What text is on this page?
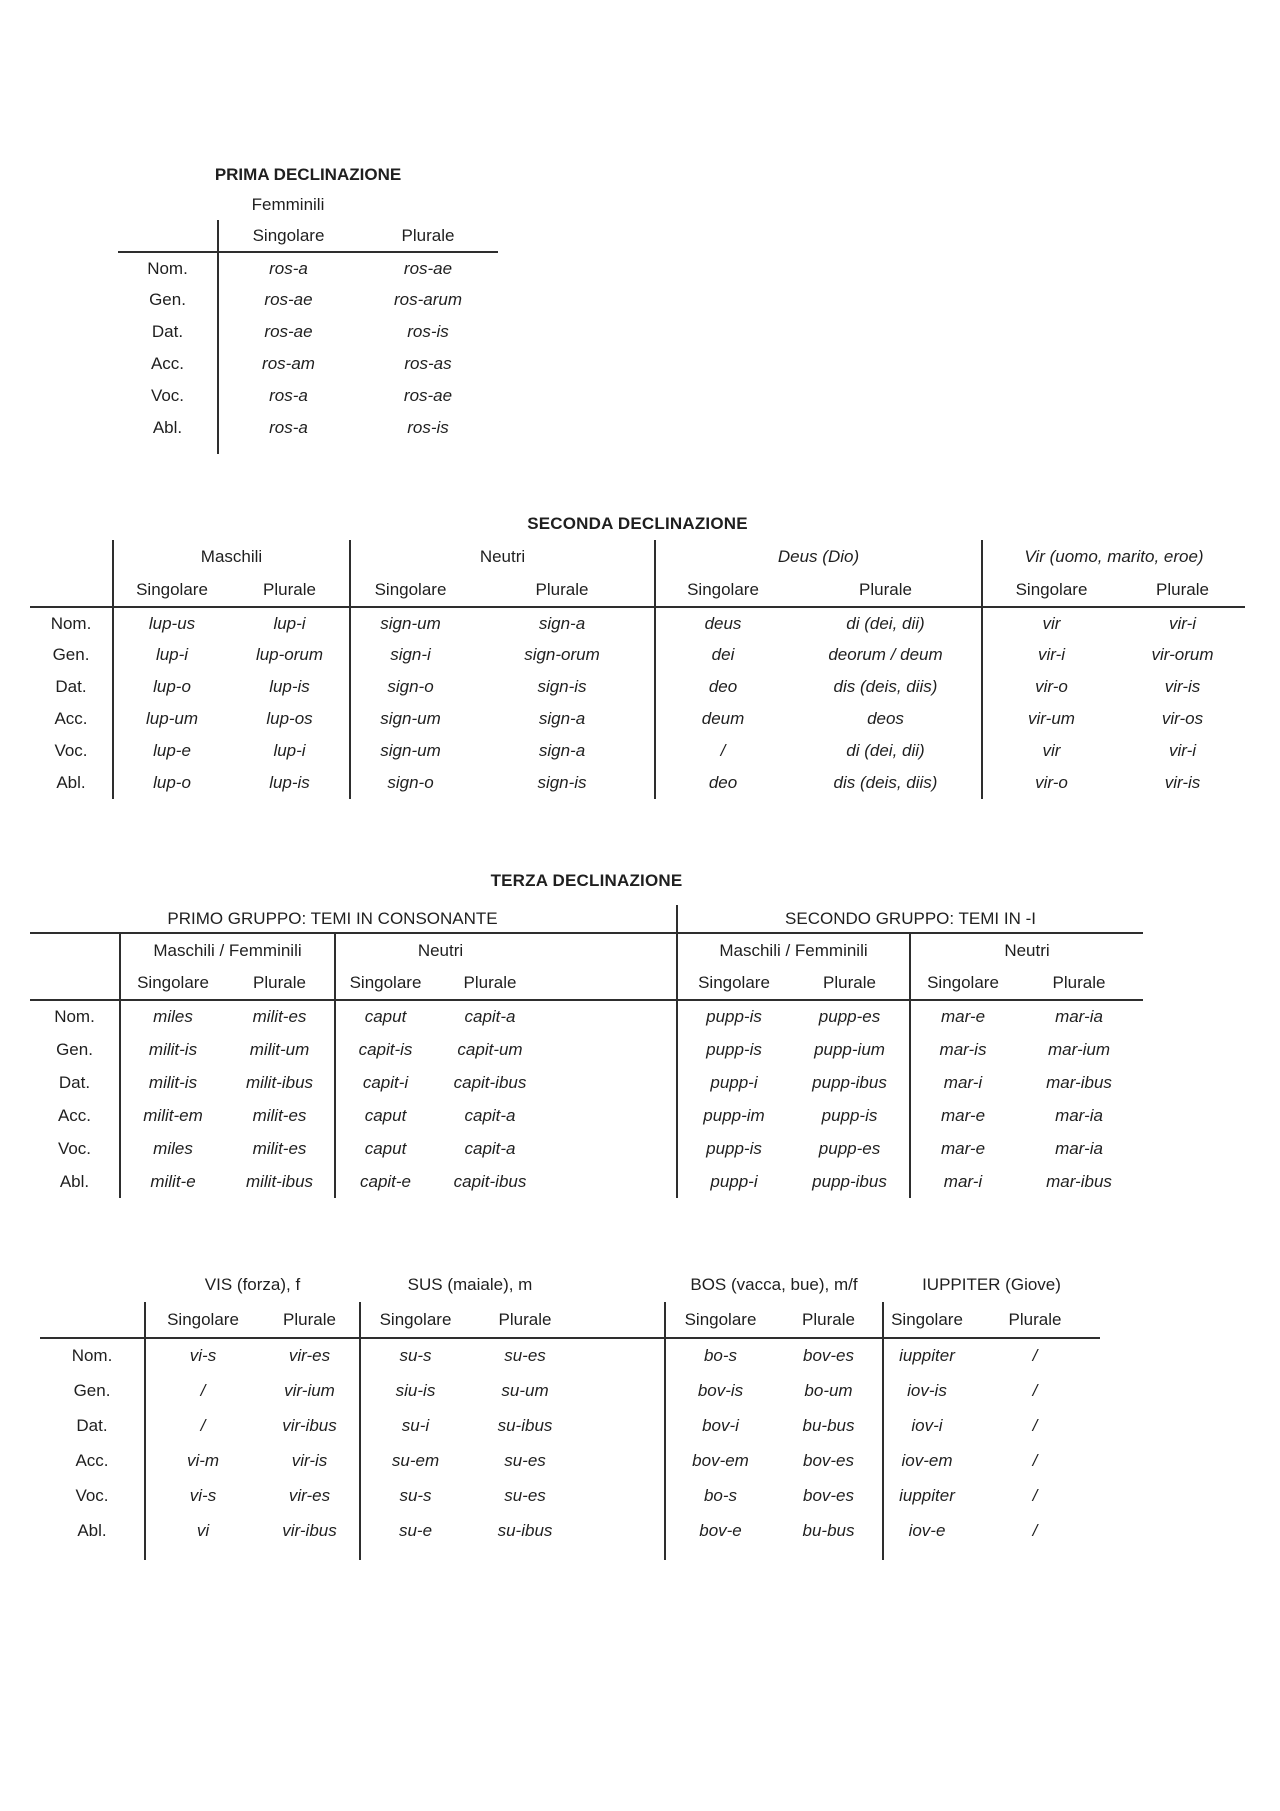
PRIMA DECLINAZIONE		
	Femminili	
	Singolare	Plurale
Nom.	ros-a	ros-ae
Gen.	ros-ae	ros-arum
Dat.	ros-ae	ros-is
Acc.	ros-am	ros-as
Voc.	ros-a	ros-ae
Abl.	ros-a	ros-is

SECONDA DECLINAZIONE
	Maschili		Neutri		Deus (Dio)		Vir (uomo, marito, eroe)	
	Singolare	Plurale	Singolare	Plurale	Singolare	Plurale	Singolare	Plurale
Nom.	lup-us	lup-i	sign-um	sign-a	deus	di (dei, dii)	vir	vir-i
Gen.	lup-i	lup-orum	sign-i	sign-orum	dei	deorum / deum	vir-i	vir-orum
Dat.	lup-o	lup-is	sign-o	sign-is	deo	dis (deis, diis)	vir-o	vir-is
Acc.	lup-um	lup-os	sign-um	sign-a	deum	deos	vir-um	vir-os
Voc.	lup-e	lup-i	sign-um	sign-a	/	di (dei, dii)	vir	vir-i
Abl.	lup-o	lup-is	sign-o	sign-is	deo	dis (deis, diis)	vir-o	vir-is
TERZA DECLINAZIONE
	PRIMO GRUPPO: TEMI IN CONSONANTE					SECONDO GRUPPO: TEMI IN -I			
	Maschili / Femminili		Neutri			Maschili / Femminili		Neutri	
	Singolare	Plurale	Singolare	Plurale		Singolare	Plurale	Singolare	Plurale
Nom.	miles	milit-es	caput	capit-a		pupp-is	pupp-es	mar-e	mar-ia
Gen.	milit-is	milit-um	capit-is	capit-um		pupp-is	pupp-ium	mar-is	mar-ium
Dat.	milit-is	milit-ibus	capit-i	capit-ibus		pupp-i	pupp-ibus	mar-i	mar-ibus
Acc.	milit-em	milit-es	caput	capit-a		pupp-im	pupp-is	mar-e	mar-ia
Voc.	miles	milit-es	caput	capit-a		pupp-is	pupp-es	mar-e	mar-ia
Abl.	milit-e	milit-ibus	capit-e	capit-ibus		pupp-i	pupp-ibus	mar-i	mar-ibus
	VIS (forza), f		SUS (maiale), m			BOS (vacca, bue), m/f		IUPPITER (Giove)	
	Singolare	Plurale	Singolare	Plurale		Singolare	Plurale	Singolare	Plurale
Nom.	vi-s	vir-es	su-s	su-es		bo-s	bov-es	iuppiter	/
Gen.	/	vir-ium	siu-is	su-um		bov-is	bo-um	iov-is	/
Dat.	/	vir-ibus	su-i	su-ibus		bov-i	bu-bus	iov-i	/
Acc.	vi-m	vir-is	su-em	su-es		bov-em	bov-es	iov-em	/
Voc.	vi-s	vir-es	su-s	su-es		bo-s	bov-es	iuppiter	/
Abl.	vi	vir-ibus	su-e	su-ibus		bov-e	bu-bus	iov-e	/
